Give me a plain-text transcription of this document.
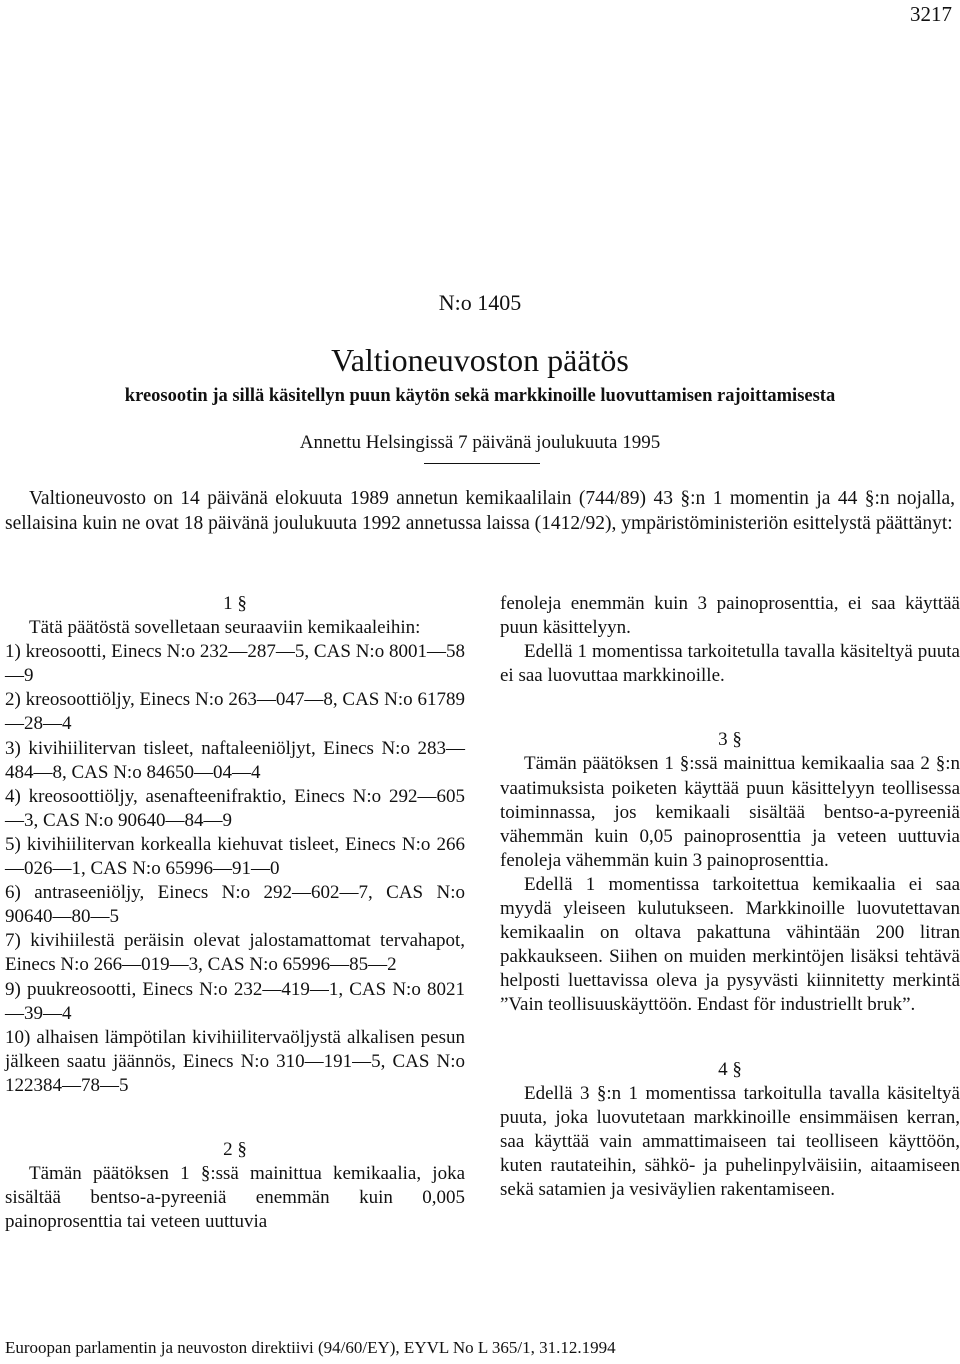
3217
N:o 1405
Valtioneuvoston päätös
kreosootin ja sillä käsitellyn puun käytön sekä markkinoille luovuttamisen rajoittamisesta
Annettu Helsingissä 7 päivänä joulukuuta 1995

Valtioneuvosto on 14 päivänä elokuuta 1989 annetun kemikaalilain (744/89) 43 §:n 1 momentin ja 44 §:n nojalla, sellaisina kuin ne ovat 18 päivänä joulukuuta 1992 annetussa laissa (1412/92), ympäristöministeriön esittelystä päättänyt:

1 §

Tätä päätöstä sovelletaan seuraaviin kemikaaleihin:

1) kreosootti, Einecs N:o 232—287—5, CAS N:o 8001—58—9

2) kreosoottiöljy, Einecs N:o 263—047—8, CAS N:o 61789—28—4

3) kivihiilitervan tisleet, naftaleeniöljyt, Einecs N:o 283—484—8, CAS N:o 84650—04—4

4) kreosoottiöljy, asenafteenifraktio, Einecs N:o 292—605—3, CAS N:o 90640—84—9

5) kivihiilitervan korkealla kiehuvat tisleet, Einecs N:o 266—026—1, CAS N:o 65996—91—0

6) antraseeniöljy, Einecs N:o 292—602—7, CAS N:o 90640—80—5

7) kivihiilestä peräisin olevat jalostamattomat tervahapot, Einecs N:o 266—019—3, CAS N:o 65996—85—2

9) puukreosootti, Einecs N:o 232—419—1, CAS N:o 8021—39—4

10) alhaisen lämpötilan kivihiilitervaöljystä alkalisen pesun jälkeen saatu jäännös, Einecs N:o 310—191—5, CAS N:o 122384—78—5

2 §

Tämän päätöksen 1 §:ssä mainittua kemikaalia, joka sisältää bentso-a-pyreeniä enemmän kuin 0,005 painoprosenttia tai veteen uuttuvia

fenoleja enemmän kuin 3 painoprosenttia, ei saa käyttää puun käsittelyyn.

Edellä 1 momentissa tarkoitetulla tavalla käsiteltyä puuta ei saa luovuttaa markkinoille.

3 §

Tämän päätöksen 1 §:ssä mainittua kemikaalia saa 2 §:n vaatimuksista poiketen käyttää puun käsittelyyn teollisessa toiminnassa, jos kemikaali sisältää bentso-a-pyreeniä vähemmän kuin 0,05 painoprosenttia ja veteen uuttuvia fenoleja vähemmän kuin 3 painoprosenttia.

Edellä 1 momentissa tarkoitettua kemikaalia ei saa myydä yleiseen kulutukseen. Markkinoille luovutettavan kemikaalin on oltava pakattuna vähintään 200 litran pakkaukseen. Siihen on muiden merkintöjen lisäksi tehtävä helposti luettavissa oleva ja pysyvästi kiinnitetty merkintä ”Vain teollisuuskäyttöön. Endast för industriellt bruk”.

4 §

Edellä 3 §:n 1 momentissa tarkoitulla tavalla käsiteltyä puuta, joka luovutetaan markkinoille ensimmäisen kerran, saa käyttää vain ammattimaiseen tai teolliseen käyttöön, kuten rautateihin, sähkö- ja puhelinpylväisiin, aitaamiseen sekä satamien ja vesiväylien rakentamiseen.

Euroopan parlamentin ja neuvoston direktiivi (94/60/EY), EYVL No L 365/1, 31.12.1994
